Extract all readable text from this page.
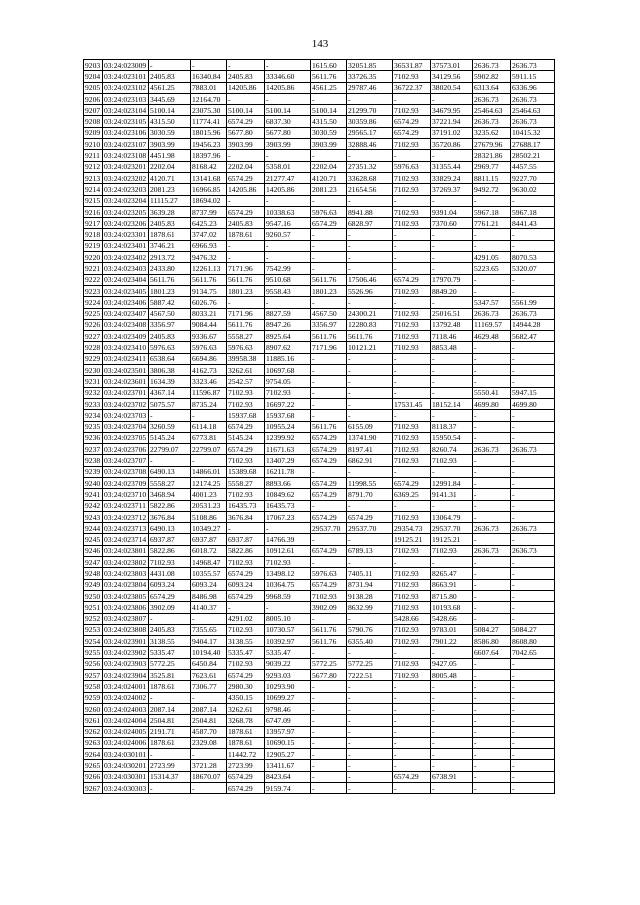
143
9203	03:24:023009	-	-	-	-	1615.60	32051.85	36531.87	37573.01	2636.73	2636.73
9204	03:24:023101	2405.83	16340.84	2405.83	33346.60	5611.76	33726.35	7102.93	34129.56	5902.82	5911.15
9205	03:24:023102	4561.25	7883.01	14205.86	14205.86	4561.25	29787.46	36722.37	38020.54	6313.64	6336.96
9206	03:24:023103	3445.69	12164.70	-	-	-	-	-	-	2636.73	2636.73
9207	03:24:023104	5100.14	23075.30	5100.14	5100.14	5100.14	21299.70	7102.93	34679.95	25464.63	25464.63
9208	03:24:023105	4315.50	11774.41	6574.29	6837.30	4315.50	30359.86	6574.29	37221.94	2636.73	2636.73
9209	03:24:023106	3030.59	18015.96	5677.80	5677.80	3030.59	29565.17	6574.29	37191.02	3235.62	10415.32
9210	03:24:023107	3903.99	19456.23	3903.99	3903.99	3903.99	32888.46	7102.93	35720.86	27679.96	27688.17
9211	03:24:023108	4451.98	18397.96	-	-	-	-	-	-	28321.86	28502.21
9212	03:24:023201	2202.04	8168.42	2202.04	5358.01	2202.04	27351.32	5976.63	31355.44	2969.77	4457.55
9213	03:24:023202	4120.71	13141.68	6574.29	21277.47	4120.71	33628.68	7102.93	33829.24	8811.15	9227.70
9214	03:24:023203	2081.23	16966.85	14205.86	14205.86	2081.23	21654.56	7102.93	37269.37	9492.72	9630.02
9215	03:24:023204	11115.27	18694.02	-	-	-	-	-	-	-	-
9216	03:24:023205	3639.28	8737.99	6574.29	10338.63	5976.63	8941.88	7102.93	9391.04	5967.18	5967.18
9217	03:24:023206	2405.83	6425.23	2405.83	9547.16	6574.29	6828.97	7102.93	7370.60	7761.21	8441.43
9218	03:24:023301	1878.61	3747.02	1878.61	9260.57	-	-	-	-	-	-
9219	03:24:023401	3746.21	6966.93	-	-	-	-	-	-	-	-
9220	03:24:023402	2913.72	9476.32	-	-	-	-	-	-	4291.05	8070.53
9221	03:24:023403	2433.80	12261.13	7171.96	7542.99	-	-	-	-	5223.65	5320.07
9222	03:24:023404	5611.76	5611.76	5611.76	9510.68	5611.76	17506.46	6574.29	17970.79	-	-
9223	03:24:023405	1801.23	9134.75	1801.23	9558.43	1801.23	5526.96	7102.93	8849.20	-	-
9224	03:24:023406	5887.42	6026.76	-	-	-	-	-	-	5347.57	5561.99
9225	03:24:023407	4567.50	8033.21	7171.96	8827.59	4567.50	24300.21	7102.93	25016.51	2636.73	2636.73
9226	03:24:023408	3356.97	9084.44	5611.76	8947.26	3356.97	12280.83	7102.93	13792.48	11169.57	14944.28
9227	03:24:023409	2405.83	9336.67	5558.27	8925.64	5611.76	5611.76	7102.93	7118.46	4629.48	5682.47
9228	03:24:023410	5976.63	5976.63	5976.63	8907.62	7171.96	10121.21	7102.93	8853.48	-	-
9229	03:24:023411	6538.64	6694.86	39958.38	11885.16	-	-	-	-	-	-
9230	03:24:023501	3806.38	4162.73	3262.61	10697.68	-	-	-	-	-	-
9231	03:24:023601	1634.39	3323.46	2542.57	9754.05	-	-	-	-	-	-
9232	03:24:023701	4367.14	11596.87	7102.93	7102.93	-	-	-	-	5550.41	5947.15
9233	03:24:023702	5075.57	8735.24	7102.93	16697.22	-	-	17531.45	18152.14	4699.80	4699.80
9234	03:24:023703	-	-	15937.68	15937.68	-	-	-	-	-	-
9235	03:24:023704	3260.59	6114.18	6574.29	10955.24	5611.76	6155.09	7102.93	8118.37	-	-
9236	03:24:023705	5145.24	6773.81	5145.24	12399.92	6574.29	13741.90	7102.93	15950.54	-	-
9237	03:24:023706	22799.07	22799.07	6574.29	11671.63	6574.29	8197.41	7102.93	8260.74	2636.73	2636.73
9238	03:24:023707	-	-	7102.93	13407.29	6574.29	6862.91	7102.93	7102.93	-	-
9239	03:24:023708	6490.13	14866.01	15389.68	16211.78	-	-	-	-	-	-
9240	03:24:023709	5558.27	12174.25	5558.27	8893.66	6574.29	11998.55	6574.29	12991.84	-	-
9241	03:24:023710	3468.94	4001.23	7102.93	10849.62	6574.29	8791.70	6369.25	9141.31	-	-
9242	03:24:023711	5822.86	20531.23	16435.73	16435.73	-	-	-	-	-	-
9243	03:24:023712	3676.84	5108.86	3676.84	17067.23	6574.29	6574.29	7102.93	13064.79	-	-
9244	03:24:023713	6490.13	10349.27	-	-	29537.70	29537.70	29354.73	29537.70	2636.73	2636.73
9245	03:24:023714	6937.87	6937.87	6937.87	14766.39	-	-	19125.21	19125.21	-	-
9246	03:24:023801	5822.86	6018.72	5822.86	10912.61	6574.29	6789.13	7102.93	7102.93	2636.73	2636.73
9247	03:24:023802	7102.93	14968.47	7102.93	7102.93	-	-	-	-	-	-
9248	03:24:023803	4431.08	10355.57	6574.29	13498.12	5976.63	7405.11	7102.93	8265.47	-	-
9249	03:24:023804	6093.24	6093.24	6093.24	10364.75	6574.29	8731.94	7102.93	8663.91	-	-
9250	03:24:023805	6574.29	8486.98	6574.29	9968.59	7102.93	9138.28	7102.93	8715.80	-	-
9251	03:24:023806	3902.09	4140.37	-	-	3902.09	8632.99	7102.93	10193.68	-	-
9252	03:24:023807	-	-	4291.02	8005.10	-	-	5428.66	5428.66	-	-
9253	03:24:023808	2405.83	7355.65	7102.93	10730.57	5611.76	5790.76	7102.93	9783.01	5084.27	5084.27
9254	03:24:023901	3138.55	9404.17	3138.55	10392.97	5611.76	6355.40	7102.93	7901.22	8586.80	8608.80
9255	03:24:023902	5335.47	10194.40	5335.47	5335.47	-	-	-	-	6607.64	7042.65
9256	03:24:023903	5772.25	6450.84	7102.93	9039.22	5772.25	5772.25	7102.93	9427.05	-	-
9257	03:24:023904	3525.81	7623.61	6574.29	9293.03	5677.80	7222.51	7102.93	8005.48	-	-
9258	03:24:024001	1878.61	7306.77	2980.30	10293.90	-	-	-	-	-	-
9259	03:24:024002	-	-	4350.15	10699.27	-	-	-	-	-	-
9260	03:24:024003	2087.14	2087.14	3262.61	9798.46	-	-	-	-	-	-
9261	03:24:024004	2504.81	2504.81	3268.78	6747.09	-	-	-	-	-	-
9262	03:24:024005	2191.71	4587.70	1878.61	13957.97	-	-	-	-	-	-
9263	03:24:024006	1878.61	2329.08	1878.61	10690.15	-	-	-	-	-	-
9264	03:24:030101	-	-	11442.72	12905.27	-	-	-	-	-	-
9265	03:24:030201	2723.99	3721.28	2723.99	13411.67	-	-	-	-	-	-
9266	03:24:030301	15314.37	18670.07	6574.29	8423.64	-	-	6574.29	6738.91	-	-
9267	03:24:030303	-	-	6574.29	9159.74	-	-	-	-	-	-
